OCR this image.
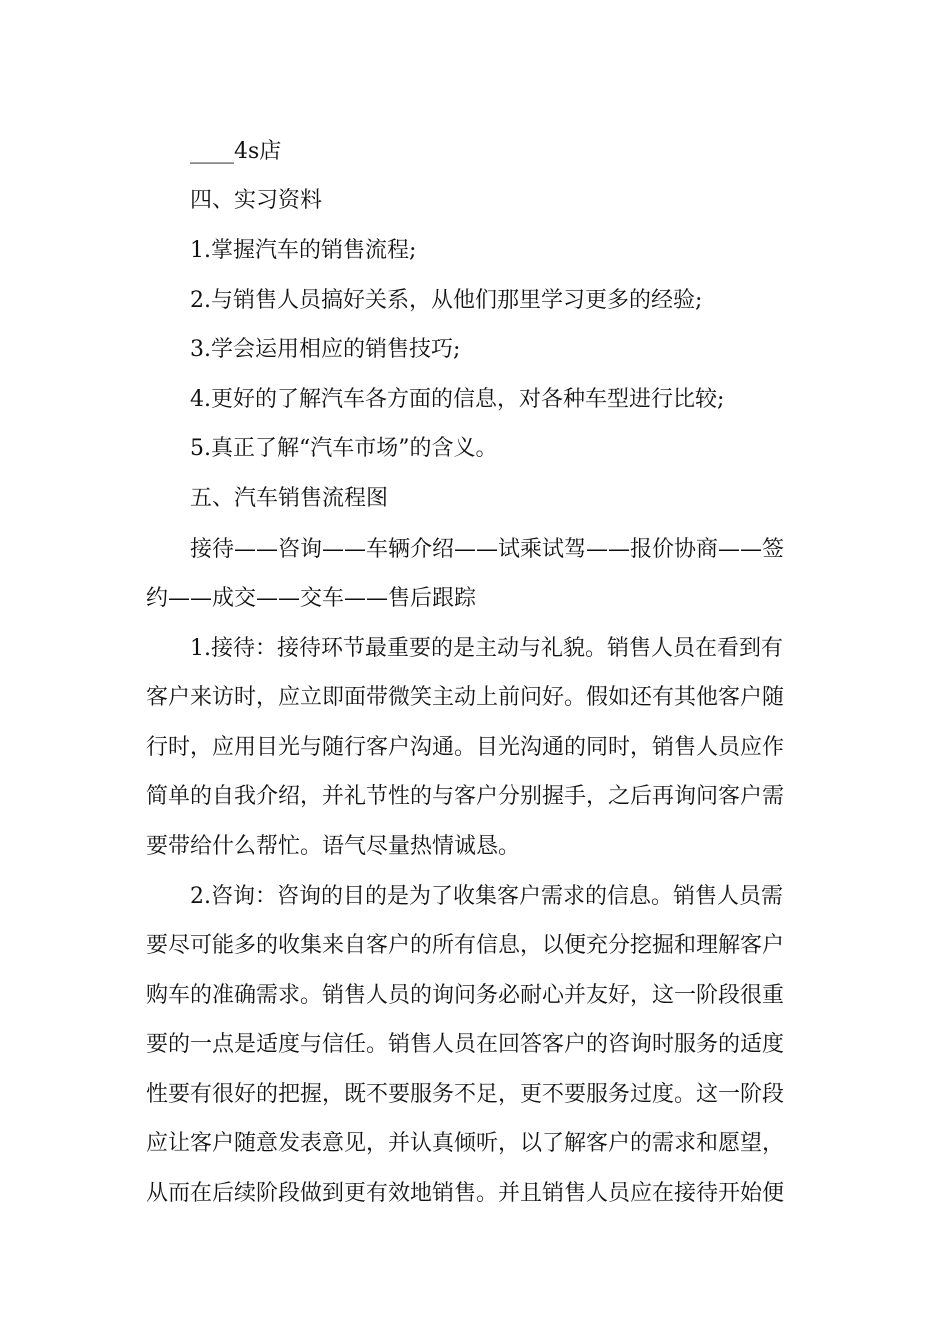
____4s店
四、实习资料
1.掌握汽车的销售流程;
2.与销售人员搞好关系，从他们那里学习更多的经验;
3.学会运用相应的销售技巧;
4.更好的了解汽车各方面的信息，对各种车型进行比较;
5.真正了解“汽车市场”的含义。
五、汽车销售流程图
接待——咨询——车辆介绍——试乘试驾——报价协商——签
约——成交——交车——售后跟踪
1.接待：接待环节最重要的是主动与礼貌。销售人员在看到有
客户来访时，应立即面带微笑主动上前问好。假如还有其他客户随
行时，应用目光与随行客户沟通。目光沟通的同时，销售人员应作
简单的自我介绍，并礼节性的与客户分别握手，之后再询问客户需
要带给什么帮忙。语气尽量热情诚恳。
2.咨询：咨询的目的是为了收集客户需求的信息。销售人员需
要尽可能多的收集来自客户的所有信息，以便充分挖掘和理解客户
购车的准确需求。销售人员的询问务必耐心并友好，这一阶段很重
要的一点是适度与信任。销售人员在回答客户的咨询时服务的适度
性要有很好的把握，既不要服务不足，更不要服务过度。这一阶段
应让客户随意发表意见，并认真倾听，以了解客户的需求和愿望，
从而在后续阶段做到更有效地销售。并且销售人员应在接待开始便
